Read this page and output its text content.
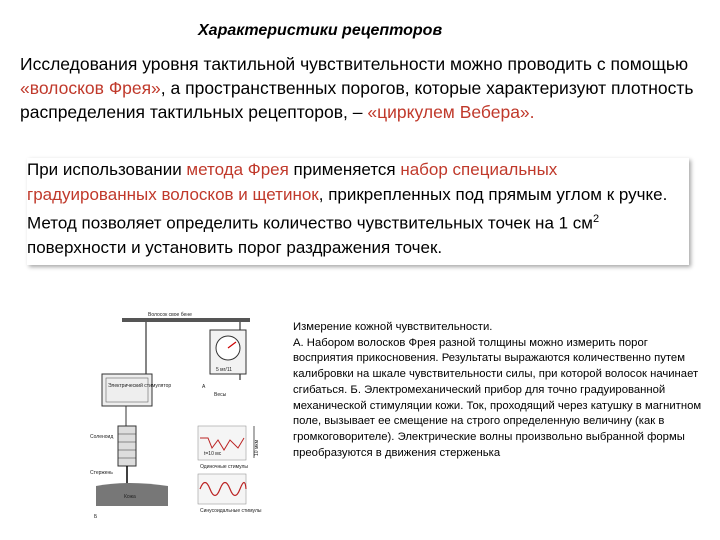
Характеристики рецепторов
Исследования уровня тактильной чувствительности можно проводить с помощью «волосков Фрея», а пространственных порогов, которые характеризуют плотность распределения тактильных рецепторов, – «циркулем Вебера».
При использовании метода Фрея применяется набор специальных градуированных волосков и щетинок, прикрепленных под прямым углом к ручке. Метод позволяет определить количество чувствительных точек на 1 $см^2$ поверхности и установить порог раздражения точек.
Волосок свое бене
5 мг/11
Весы
А
Электрический стимулятор
Соленоид
Стержень
Кожа
Б
t=10 мс
Одиночные стимулы
10 мкм
Синусоидальные стимулы

Измерение кожной чувствительности.

A. Набором волосков Фрея разной толщины можно измерить порог восприятия прикосновения. Результаты выражаются количественно путем калибровки на шкале чувствительности силы, при которой волосок начинает сгибаться. Б. Электромеханический прибор для точно градуированной механической стимуляции кожи. Ток, проходящий через катушку в магнитном поле, вызывает ее смещение на строго определенную величину (как в громкоговорителе). Электрические волны произвольно выбранной формы преобразуются в движения стерженька
